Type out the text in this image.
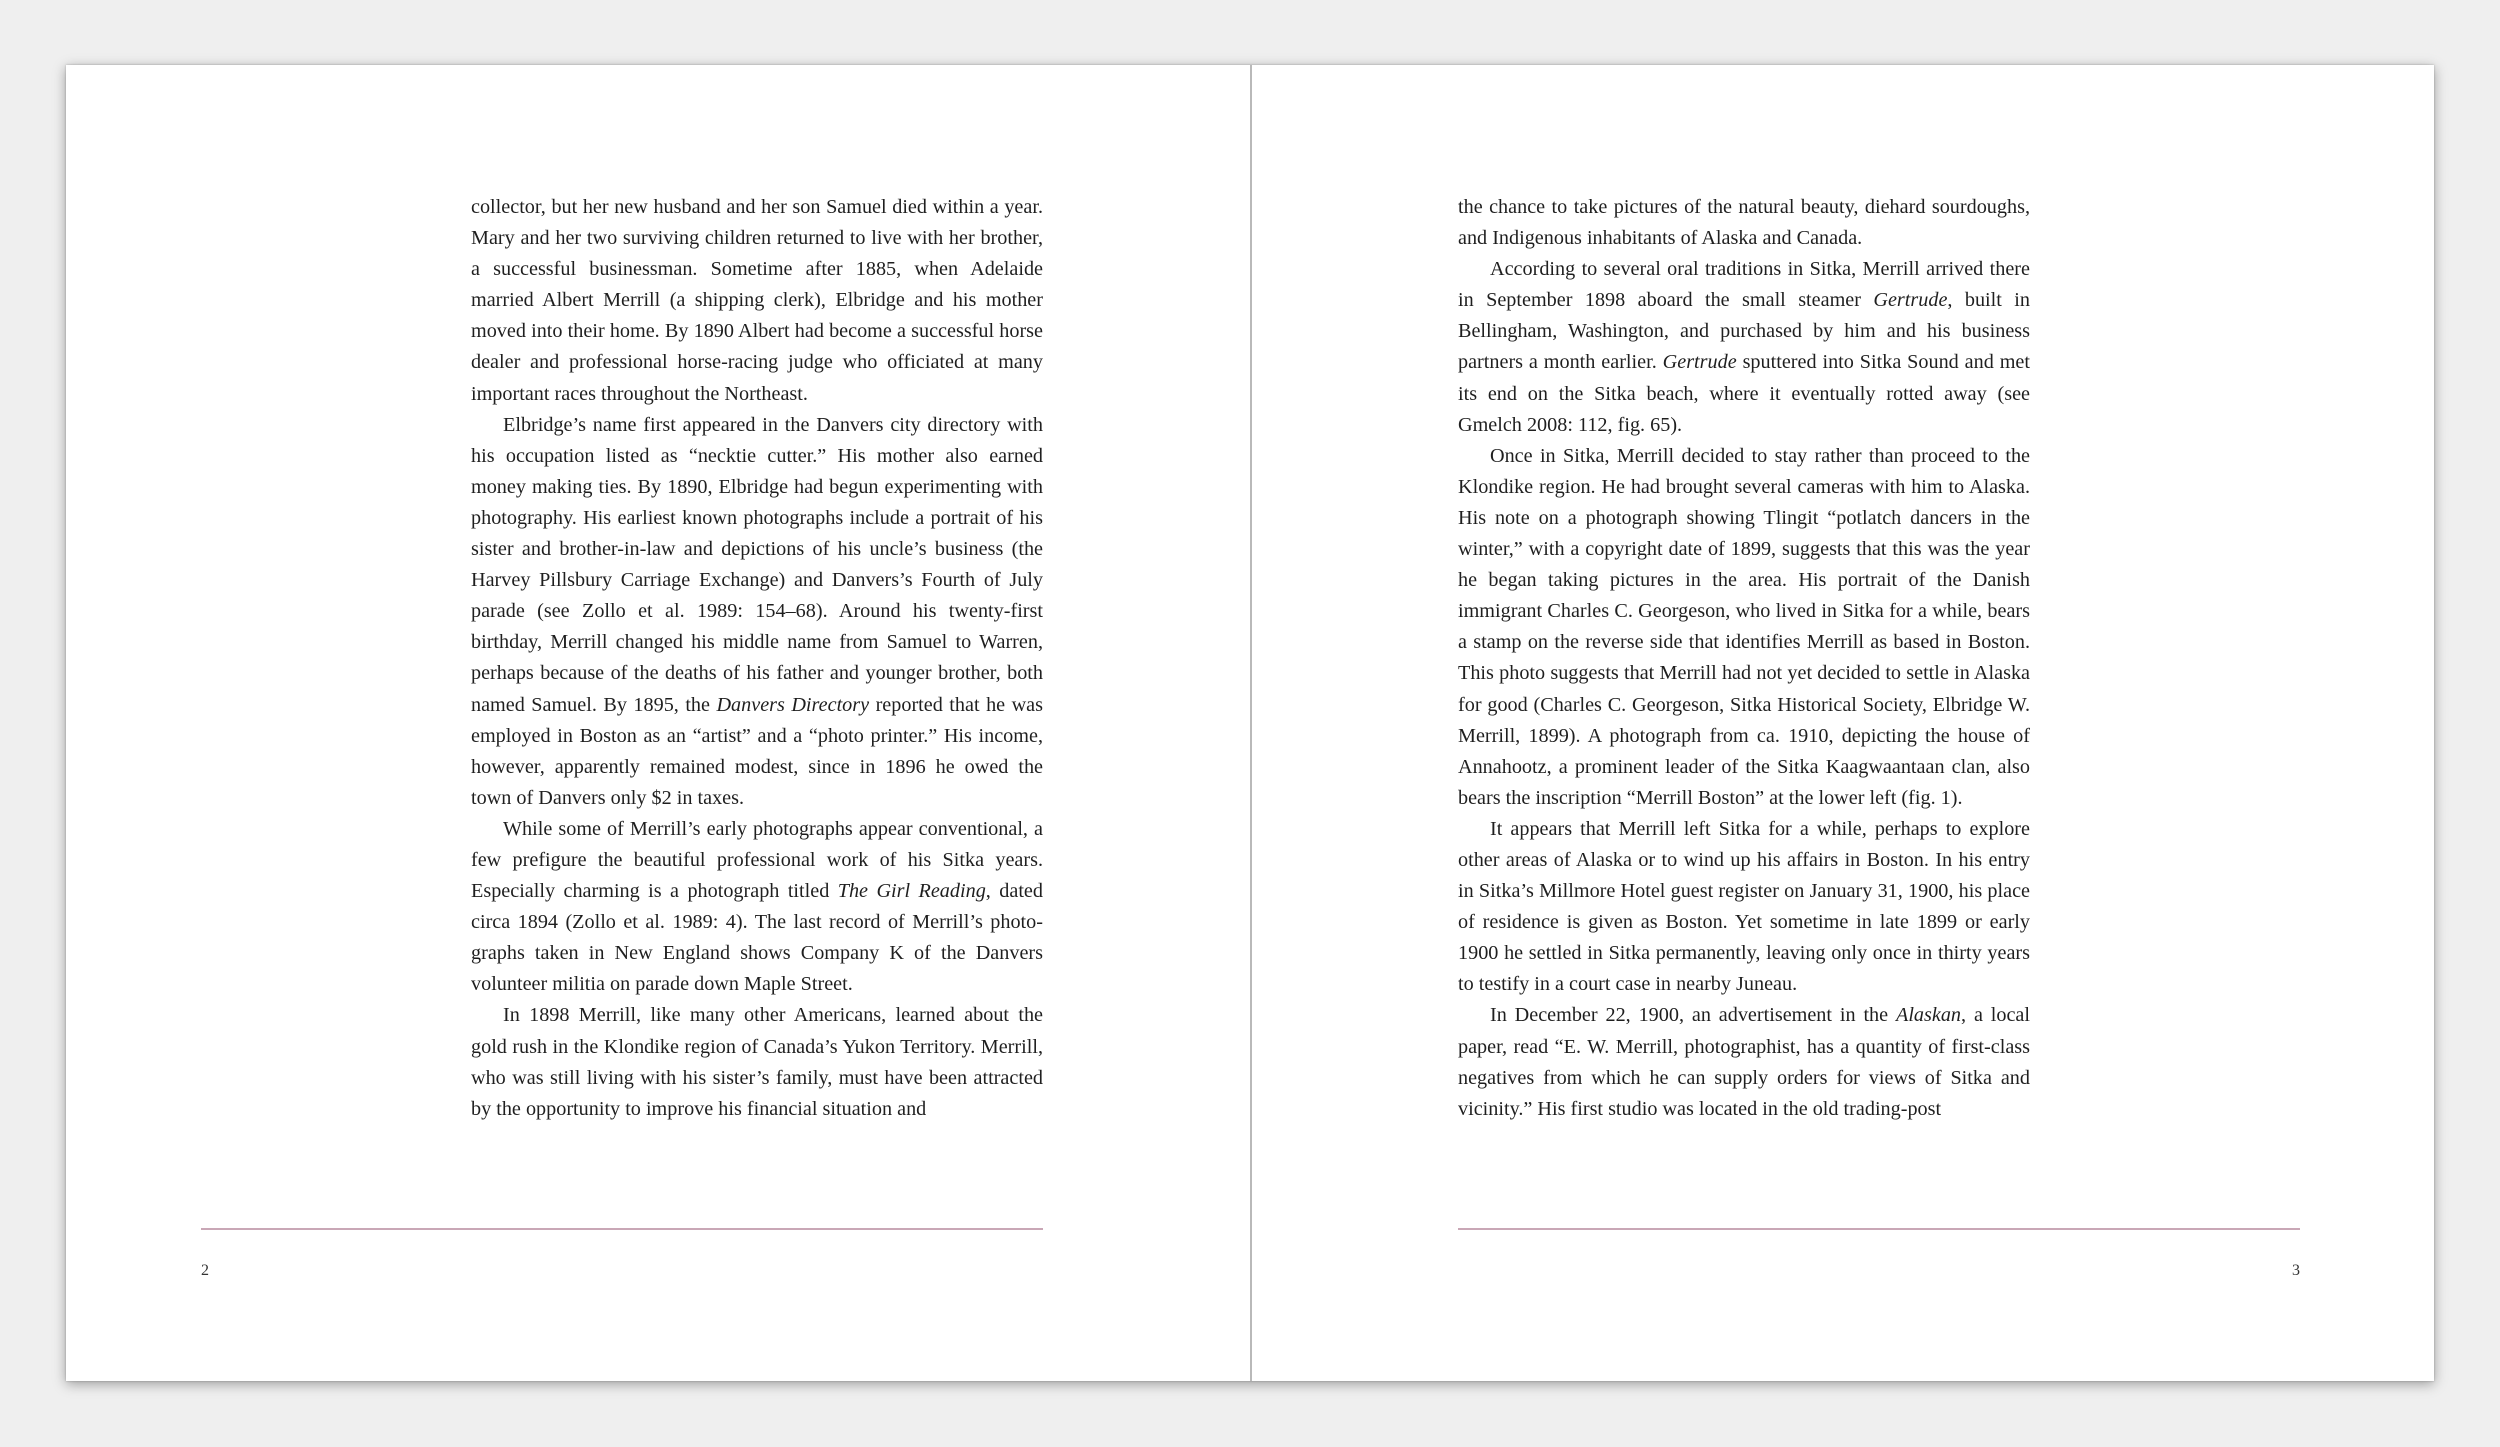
collector, but her new husband and her son Samuel died within a year. Mary and her two surviving children returned to live with her brother, a successful businessman. Sometime after 1885, when Adelaide married Albert Merrill (a shipping clerk), Elbridge and his mother moved into their home. By 1890 Albert had become a successful horse dealer and professional horse-racing judge who officiated at many important races throughout the Northeast.

Elbridge’s name first appeared in the Danvers city directory with his occupation listed as “necktie cutter.” His mother also earned money making ties. By 1890, Elbridge had begun experimenting with photography. His earliest known photographs include a portrait of his sister and brother-in-law and depictions of his uncle’s business (the Harvey Pillsbury Carriage Exchange) and Danvers’s Fourth of July parade (see Zollo et al. 1989: 154–68). Around his twenty-first birthday, Merrill changed his middle name from Samuel to Warren, perhaps because of the deaths of his father and younger brother, both named Samuel. By 1895, the Danvers Directory reported that he was employed in Boston as an “artist” and a “photo printer.” His income, however, apparently remained modest, since in 1896 he owed the town of Danvers only $2 in taxes.

While some of Merrill’s early photographs appear conventional, a few prefigure the beautiful professional work of his Sitka years. Especially charming is a photograph titled The Girl Reading, dated circa 1894 (Zollo et al. 1989: 4). The last record of Merrill’s photographs taken in New England shows Company K of the Danvers volunteer militia on parade down Maple Street.

In 1898 Merrill, like many other Americans, learned about the gold rush in the Klondike region of Canada’s Yukon Territory. Merrill, who was still living with his sister’s family, must have been attracted by the opportunity to improve his financial situation and

2

the chance to take pictures of the natural beauty, diehard sourdoughs, and Indigenous inhabitants of Alaska and Canada.

According to several oral traditions in Sitka, Merrill arrived there in September 1898 aboard the small steamer Gertrude, built in Bellingham, Washington, and purchased by him and his business partners a month earlier. Gertrude sputtered into Sitka Sound and met its end on the Sitka beach, where it eventually rotted away (see Gmelch 2008: 112, fig. 65).

Once in Sitka, Merrill decided to stay rather than proceed to the Klondike region. He had brought several cameras with him to Alaska. His note on a photograph showing Tlingit “potlatch dancers in the winter,” with a copyright date of 1899, suggests that this was the year he began taking pictures in the area. His portrait of the Danish immigrant Charles C. Georgeson, who lived in Sitka for a while, bears a stamp on the reverse side that identifies Merrill as based in Boston. This photo suggests that Merrill had not yet decided to settle in Alaska for good (Charles C. Georgeson, Sitka Historical Society, Elbridge W. Merrill, 1899). A photograph from ca. 1910, depicting the house of Annahootz, a prominent leader of the Sitka Kaagwaantaan clan, also bears the inscription “Merrill Boston” at the lower left (fig. 1).

It appears that Merrill left Sitka for a while, perhaps to explore other areas of Alaska or to wind up his affairs in Boston. In his entry in Sitka’s Millmore Hotel guest register on January 31, 1900, his place of residence is given as Boston. Yet sometime in late 1899 or early 1900 he settled in Sitka permanently, leaving only once in thirty years to testify in a court case in nearby Juneau.

In December 22, 1900, an advertisement in the Alaskan, a local paper, read “E. W. Merrill, photographist, has a quantity of first-class negatives from which he can supply orders for views of Sitka and vicinity.” His first studio was located in the old trading-post

3
